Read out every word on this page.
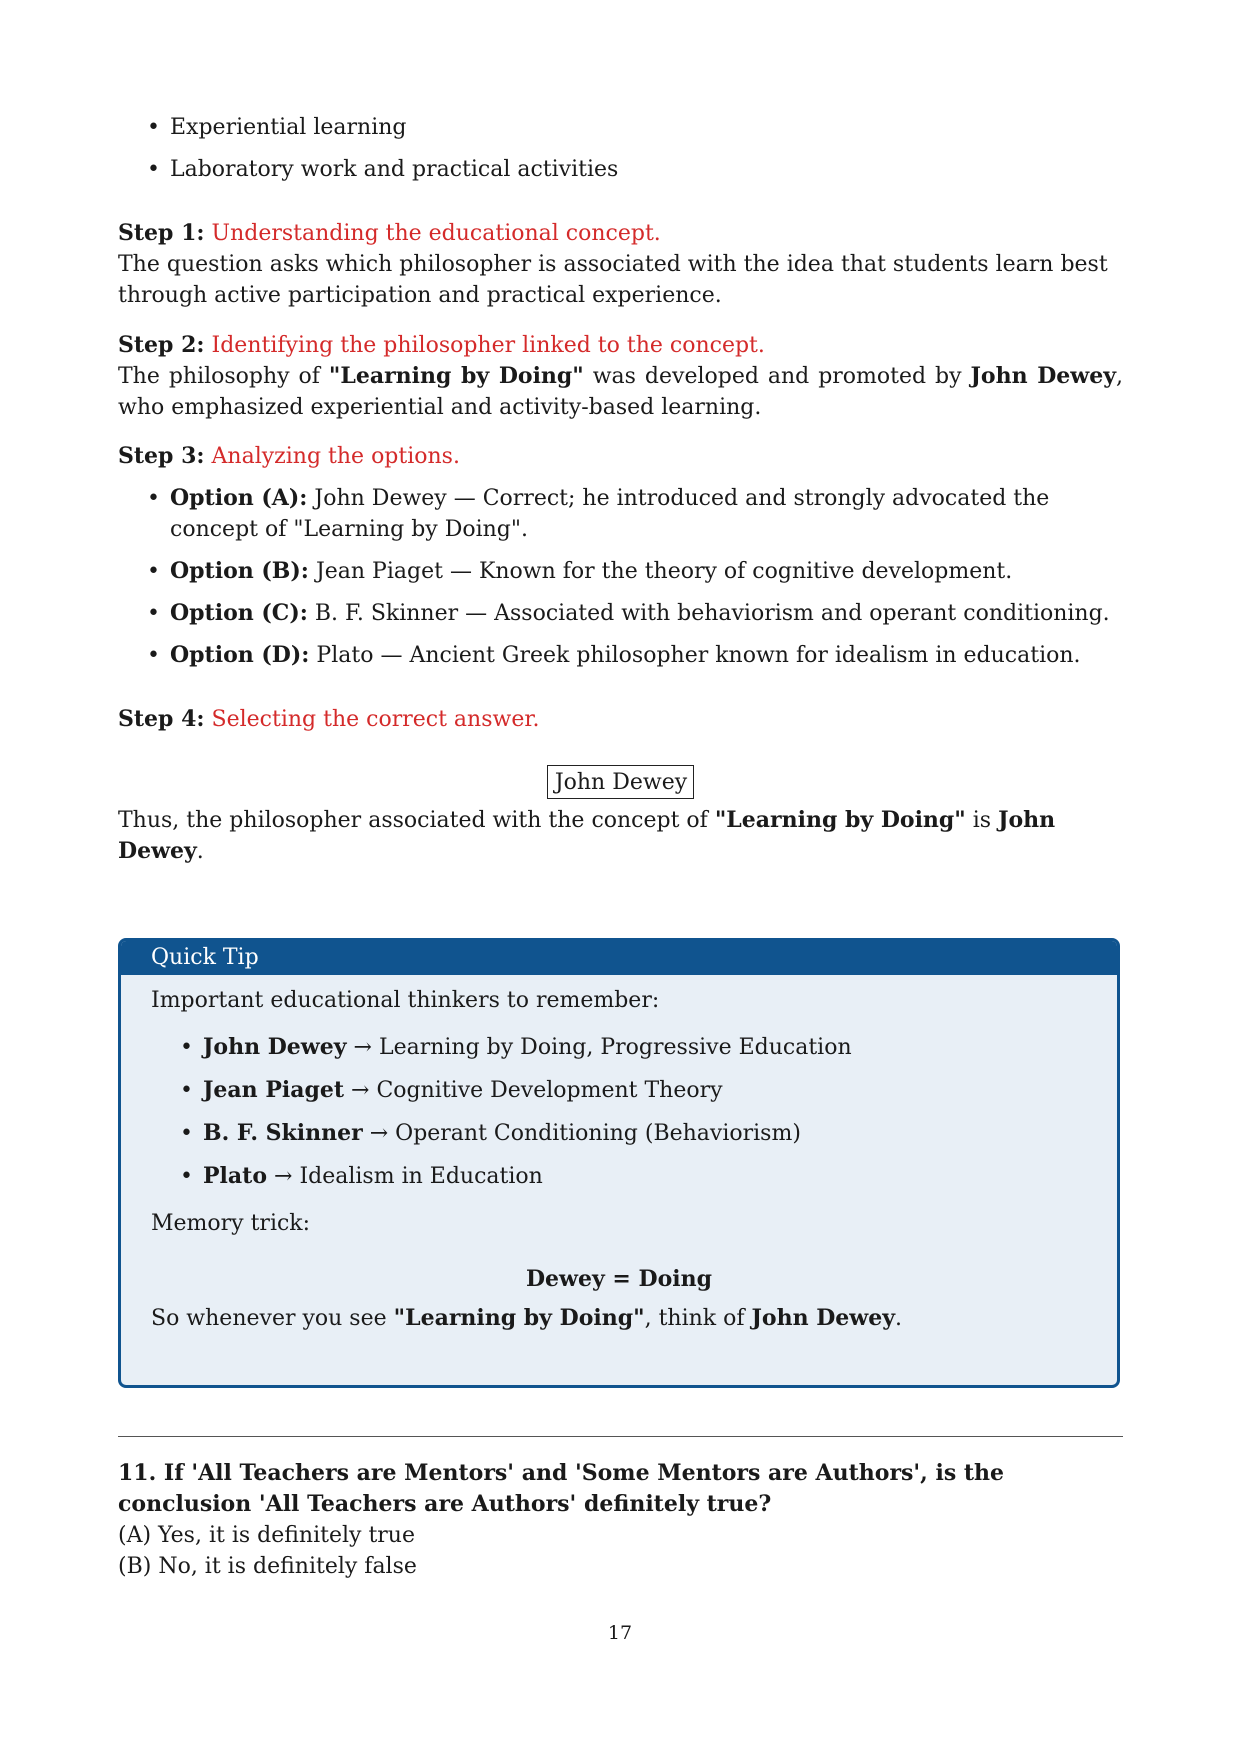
• Experiential learning
• Laboratory work and practical activities

Step 1: Understanding the educational concept.

The question asks which philosopher is associated with the idea that students learn best through active participation and practical experience.

Step 2: Identifying the philosopher linked to the concept.

The philosophy of "Learning by Doing" was developed and promoted by John Dewey, who emphasized experiential and activity-based learning.

Step 3: Analyzing the options.

• Option (A): John Dewey — Correct; he introduced and strongly advocated the concept of "Learning by Doing".
• Option (B): Jean Piaget — Known for the theory of cognitive development.
• Option (C): B. F. Skinner — Associated with behaviorism and operant conditioning.
• Option (D): Plato — Ancient Greek philosopher known for idealism in education.

Step 4: Selecting the correct answer.

John Dewey

Thus, the philosopher associated with the concept of "Learning by Doing" is John Dewey.

Quick Tip

Important educational thinkers to remember:

• John Dewey → Learning by Doing, Progressive Education
• Jean Piaget → Cognitive Development Theory
• B. F. Skinner → Operant Conditioning (Behaviorism)
• Plato → Idealism in Education

Memory trick:

Dewey = Doing

So whenever you see "Learning by Doing", think of John Dewey.

11. If 'All Teachers are Mentors' and 'Some Mentors are Authors', is the conclusion 'All Teachers are Authors' definitely true?

(A) Yes, it is definitely true

(B) No, it is definitely false

17
